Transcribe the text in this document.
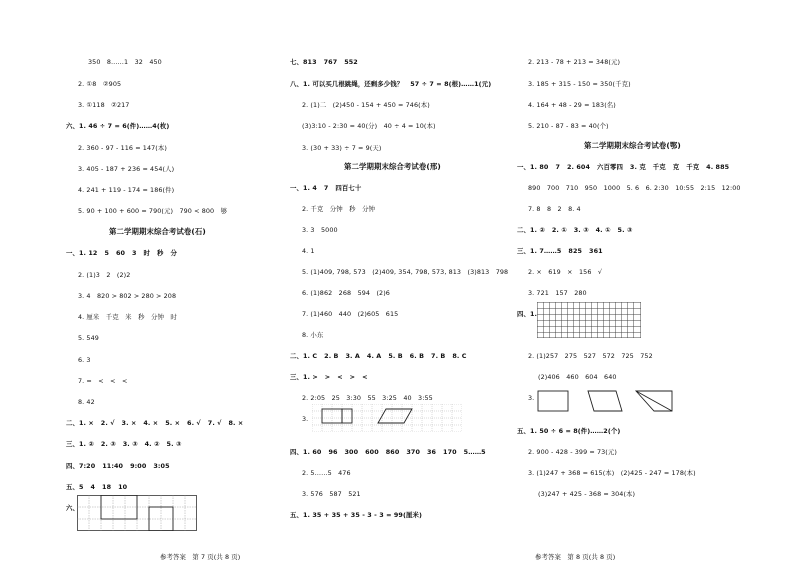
350   8……1   32   450
2. ①8   ②905
3. ①118   ②217
六、1. 46 ÷ 7 = 6(件)……4(枚)
2. 360 - 97 - 116 = 147(本)
3. 405 - 187 + 236 = 454(人)
4. 241 + 119 - 174 = 186(件)
5. 90 + 100 + 600 = 790(元)   790 < 800   够
第二学期期末综合考试卷(石)
一、1. 12   5   60   3   时   秒   分
2. (1)3   2   (2)2
3. 4   820 > 802 > 280 > 208
4. 厘米   千克   米   秒   分钟   时
5. 549
6. 3
7. =   <   <   <
8. 42
二、1. ×   2. √   3. ×   4. ×   5. ×   6. √   7. √   8. ×
三、1. ②   2. ③   3. ③   4. ②   5. ③
四、7:20   11:40   9:00   3:05
五、5   4   18   10
六、
参考答案   第 7 页(共 8 页)
七、813   767   552
八、1. 可以买几根跳绳，还剩多少钱？   57 ÷ 7 = 8(根)……1(元)
2. (1)二   (2)450 - 154 + 450 = 746(本)
(3)3:10 - 2:30 = 40(分)   40 ÷ 4 = 10(本)
3. (30 + 33) ÷ 7 = 9(天)
第二学期期末综合考试卷(邢)
一、1. 4   7   四百七十
2. 千克   分钟   秒   分钟
3. 3   5000
4. 1
5. (1)409, 798, 573   (2)409, 354, 798, 573, 813   (3)813   798
6. (1)862   268   594   (2)6
7. (1)460   440   (2)605   615
8. 小东
二、1. C   2. B   3. A   4. A   5. B   6. B   7. B   8. C
三、1. >   >   <   >   <
2. 2:05   25   3:30   55   3:25   40   3:55
3.
四、1. 60   96   300   600   860   370   36   170   5……5
2. 5……5   476
3. 576   587   521
五、1. 35 + 35 + 35 - 3 - 3 = 99(厘米)
2. 213 - 78 + 213 = 348(元)
3. 185 + 315 - 150 = 350(千克)
4. 164 + 48 - 29 = 183(名)
5. 210 - 87 - 83 = 40(个)
第二学期期末综合考试卷(鄂)
一、1. 80   7   2. 604   六百零四   3. 克   千克   克   千克   4. 885
890   700   710   950   1000   5. 6   6. 2:30   10:55   2:15   12:00
7. 8   8   2   8. 4
二、1. ②   2. ①   3. ③   4. ①   5. ③
三、1. 7……5   825   361
2. ×   619   ×   156   √
3. 721   157   280
四、1.
2. (1)257   275   527   572   725   752
(2)406   460   604   640
3.
五、1. 50 ÷ 6 = 8(件)……2(个)
2. 900 - 428 - 399 = 73(元)
3. (1)247 + 368 = 615(本)   (2)425 - 247 = 178(本)
(3)247 + 425 - 368 = 304(本)
参考答案   第 8 页(共 8 页)
